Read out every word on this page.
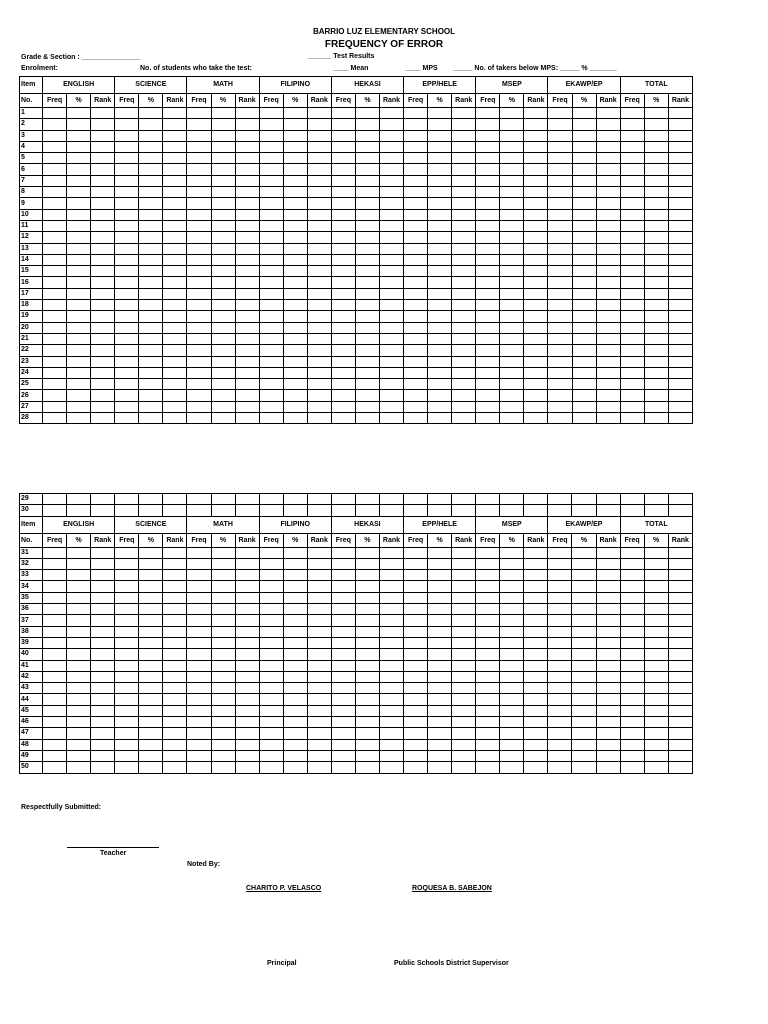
BARRIO LUZ ELEMENTARY SCHOOL
FREQUENCY OF ERROR
______ Test Results
Grade & Section : _______________
Enrolment:	No. of students who take the test:	____ Mean	____ MPS _____ No. of takers below MPS: _____ % _______
Item	ENGLISH			SCIENCE			MATH			FILIPINO			HEKASI			EPP/HELE			MSEP			EKAWP/EP			TOTAL		
No.	Freq	%	Rank	Freq	%	Rank	Freq	%	Rank	Freq	%	Rank	Freq	%	Rank	Freq	%	Rank	Freq	%	Rank	Freq	%	Rank	Freq	%	Rank
1																											
2																											
3																											
4																											
5																											
6																											
7																											
8																											
9																											
10																											
11																											
12																											
13																											
14																											
15																											
16																											
17																											
18																											
19																											
20																											
21																											
22																											
23																											
24																											
25																											
26																											
27																											
28																											
29																											
30																											
Item	ENGLISH			SCIENCE			MATH			FILIPINO			HEKASI			EPP/HELE			MSEP			EKAWP/EP			TOTAL		
No.	Freq	%	Rank	Freq	%	Rank	Freq	%	Rank	Freq	%	Rank	Freq	%	Rank	Freq	%	Rank	Freq	%	Rank	Freq	%	Rank	Freq	%	Rank
31																											
32																											
33																											
34																											
35																											
36																											
37																											
38																											
39																											
40																											
41																											
42																											
43																											
44																											
45																											
46																											
47																											
48																											
49																											
50																											
Respectfully Submitted:
Teacher
Noted By:
CHARITO P. VELASCO	ROQUESA B. SABEJON
Principal	Public Schools District Supervisor
